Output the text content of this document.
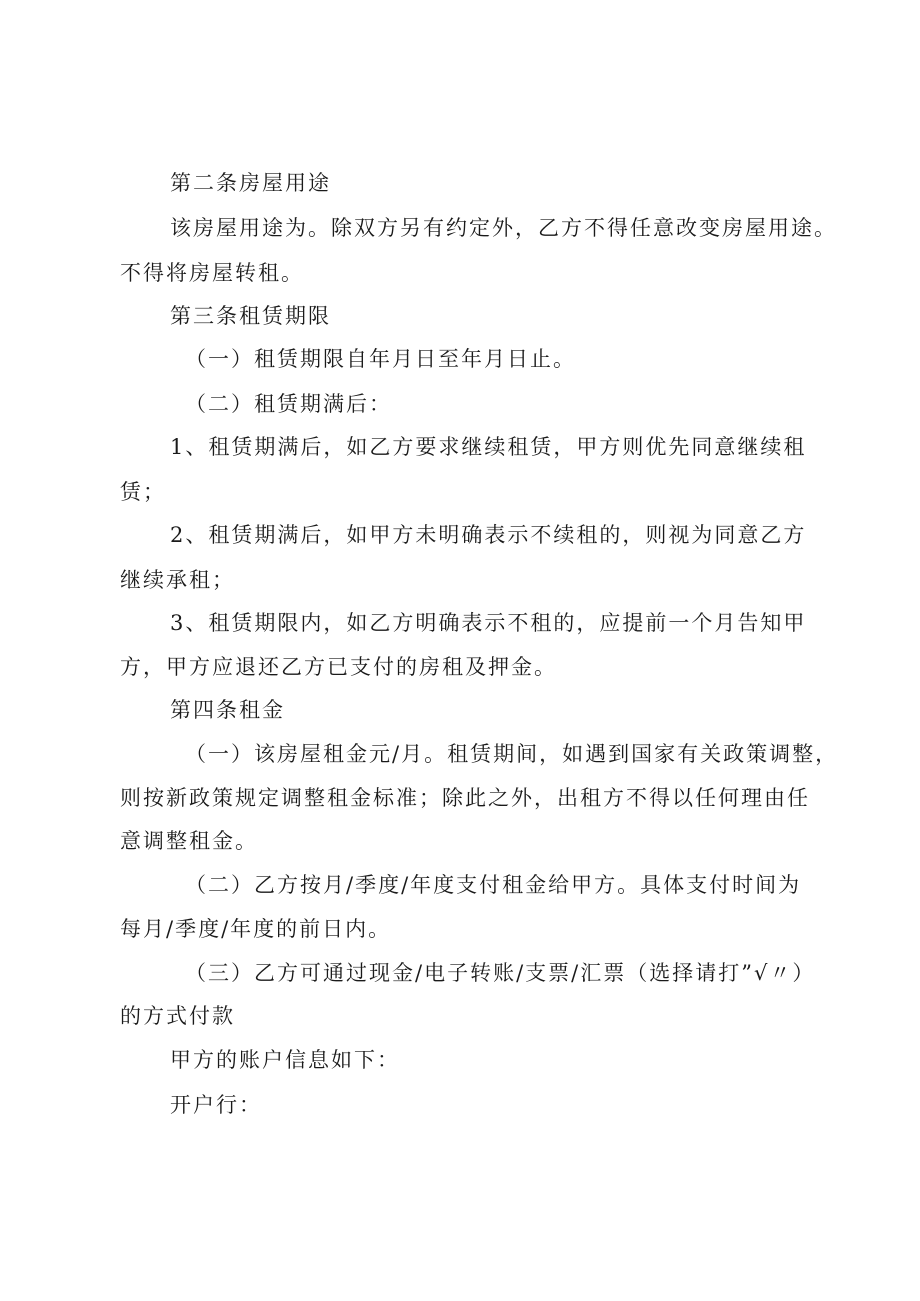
第二条房屋用途
该房屋用途为。除双方另有约定外，乙方不得任意改变房屋用途。
不得将房屋转租。
第三条租赁期限
（一）租赁期限自年月日至年月日止。
（二）租赁期满后：
1、租赁期满后，如乙方要求继续租赁，甲方则优先同意继续租
赁；
2、租赁期满后，如甲方未明确表示不续租的，则视为同意乙方
继续承租；
3、租赁期限内，如乙方明确表示不租的，应提前一个月告知甲
方，甲方应退还乙方已支付的房租及押金。
第四条租金
（一）该房屋租金元/月。租赁期间，如遇到国家有关政策调整，
则按新政策规定调整租金标准；除此之外，出租方不得以任何理由任
意调整租金。
（二）乙方按月/季度/年度支付租金给甲方。具体支付时间为
每月/季度/年度的前日内。
（三）乙方可通过现金/电子转账/支票/汇票（选择请打”√〃）
的方式付款
甲方的账户信息如下：
开户行：
